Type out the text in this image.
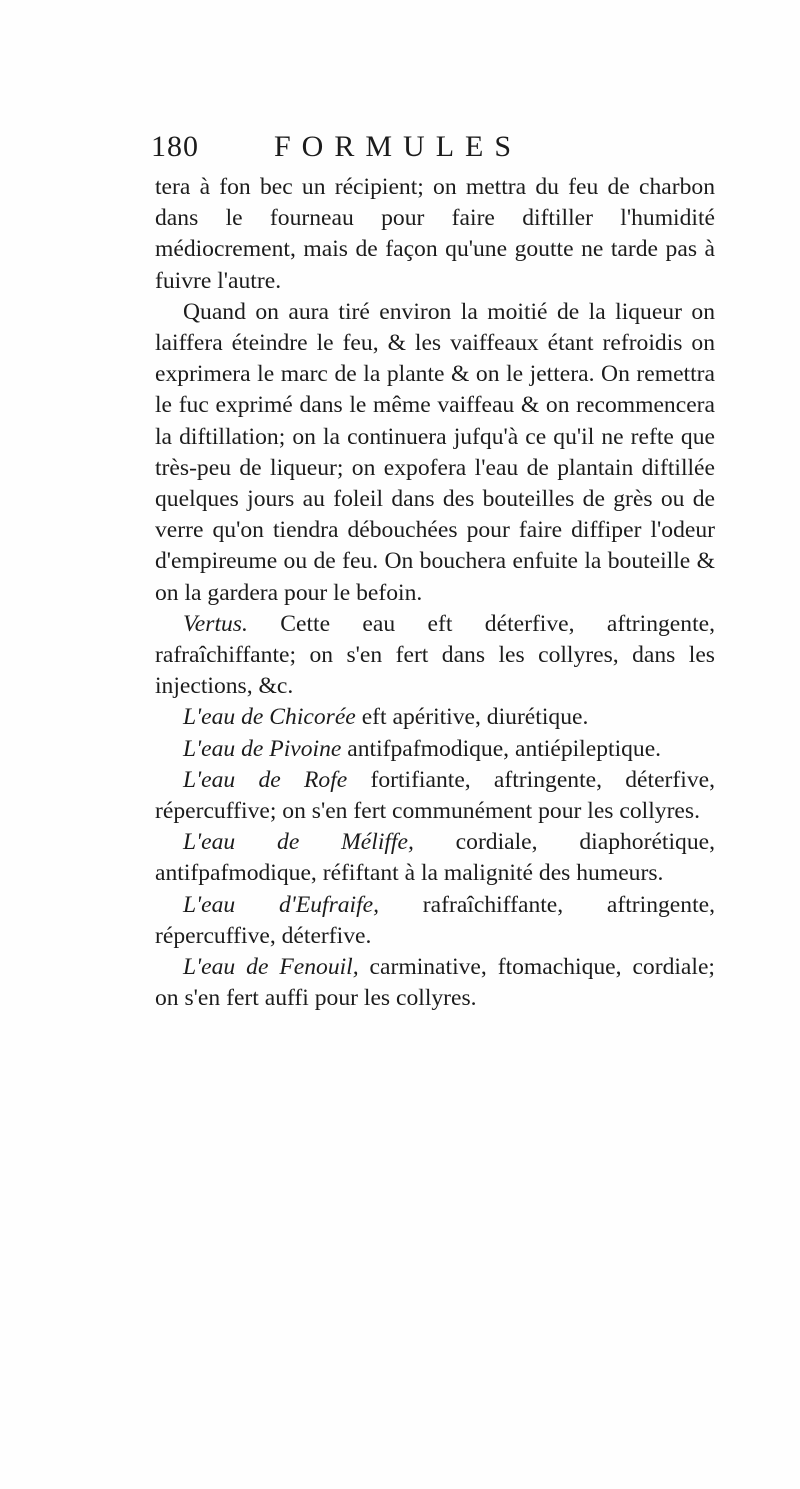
180	FORMULES

tera à fon bec un récipient; on mettra du feu de charbon dans le fourneau pour faire diftiller l'humidité médiocrement, mais de façon qu'une goutte ne tarde pas à fuivre l'autre.

Quand on aura tiré environ la moitié de la liqueur on laiffera éteindre le feu, & les vaiffeaux étant refroidis on exprimera le marc de la plante & on le jettera. On remettra le fuc exprimé dans le même vaiffeau & on recommencera la diftillation; on la continuera jufqu'à ce qu'il ne refte que très-peu de liqueur; on expofera l'eau de plantain diftillée quelques jours au foleil dans des bouteilles de grès ou de verre qu'on tiendra débouchées pour faire diffiper l'odeur d'empireume ou de feu. On bouchera enfuite la bouteille & on la gardera pour le befoin.

Vertus. Cette eau eft déterfive, aftringente, rafraîchiffante; on s'en fert dans les collyres, dans les injections, &c.

L'eau de Chicorée eft apéritive, diurétique.

L'eau de Pivoine antifpafmodique, antiépileptique.

L'eau de Rofe fortifiante, aftringente, déterfive, répercuffive; on s'en fert communément pour les collyres.

L'eau de Méliffe, cordiale, diaphorétique, antifpafmodique, réfiftant à la malignité des humeurs.

L'eau d'Eufraife, rafraîchiffante, aftringente, répercuffive, déterfive.

L'eau de Fenouil, carminative, ftomachique, cordiale; on s'en fert auffi pour les collyres.
